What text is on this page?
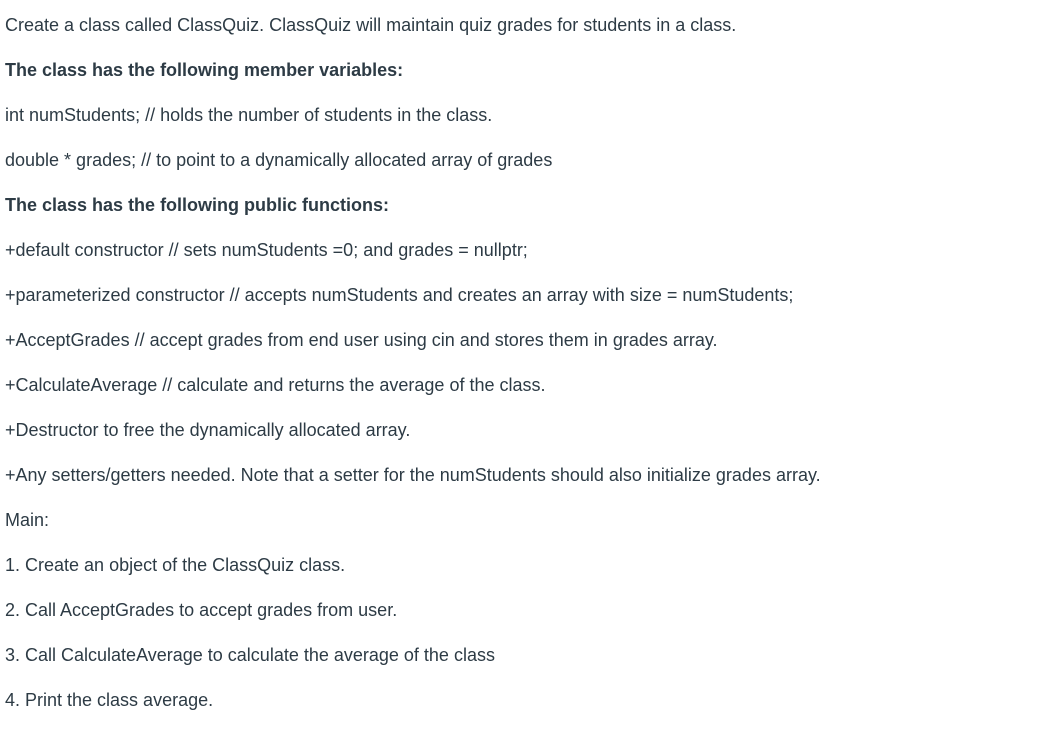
Create a class called ClassQuiz. ClassQuiz will maintain quiz grades for students in a class.

The class has the following member variables:

int numStudents; // holds the number of students in the class.

double * grades; // to point to a dynamically allocated array of grades

The class has the following public functions:

+default constructor // sets numStudents =0; and grades = nullptr;

+parameterized constructor // accepts numStudents and creates an array with size = numStudents;

+AcceptGrades // accept grades from end user using cin and stores them in grades array.

+CalculateAverage // calculate and returns the average of the class.

+Destructor to free the dynamically allocated array.

+Any setters/getters needed. Note that a setter for the numStudents should also initialize grades array.

Main:

1. Create an object of the ClassQuiz class.

2. Call AcceptGrades to accept grades from user.

3. Call CalculateAverage to calculate the average of the class

4. Print the class average.
